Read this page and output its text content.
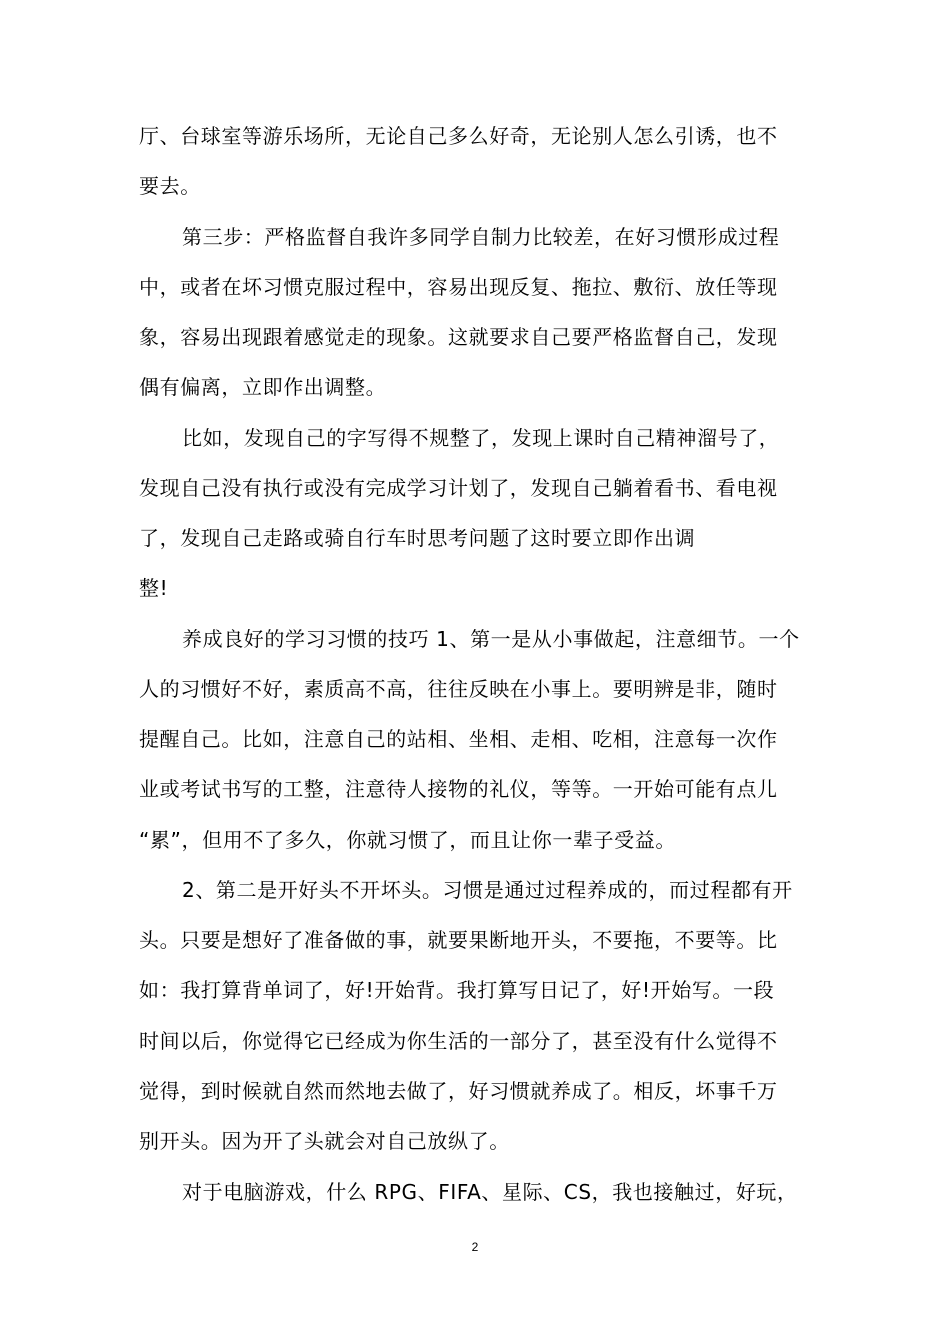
厅、台球室等游乐场所，无论自己多么好奇，无论别人怎么引诱，也不
要去。
第三步：严格监督自我许多同学自制力比较差，在好习惯形成过程
中，或者在坏习惯克服过程中，容易出现反复、拖拉、敷衍、放任等现
象，容易出现跟着感觉走的现象。这就要求自己要严格监督自己，发现
偶有偏离，立即作出调整。
比如，发现自己的字写得不规整了，发现上课时自己精神溜号了，
发现自己没有执行或没有完成学习计划了，发现自己躺着看书、看电视
了，发现自己走路或骑自行车时思考问题了这时要立即作出调
整!
养成良好的学习习惯的技巧 1、第一是从小事做起，注意细节。一个
人的习惯好不好，素质高不高，往往反映在小事上。要明辨是非，随时
提醒自己。比如，注意自己的站相、坐相、走相、吃相，注意每一次作
业或考试书写的工整，注意待人接物的礼仪，等等。一开始可能有点儿
“累”，但用不了多久，你就习惯了，而且让你一辈子受益。
2、第二是开好头不开坏头。习惯是通过过程养成的，而过程都有开
头。只要是想好了准备做的事，就要果断地开头，不要拖，不要等。比
如：我打算背单词了，好!开始背。我打算写日记了，好!开始写。一段
时间以后，你觉得它已经成为你生活的一部分了，甚至没有什么觉得不
觉得，到时候就自然而然地去做了，好习惯就养成了。相反，坏事千万
别开头。因为开了头就会对自己放纵了。
对于电脑游戏，什么 RPG、FIFA、星际、CS，我也接触过，好玩，
2
